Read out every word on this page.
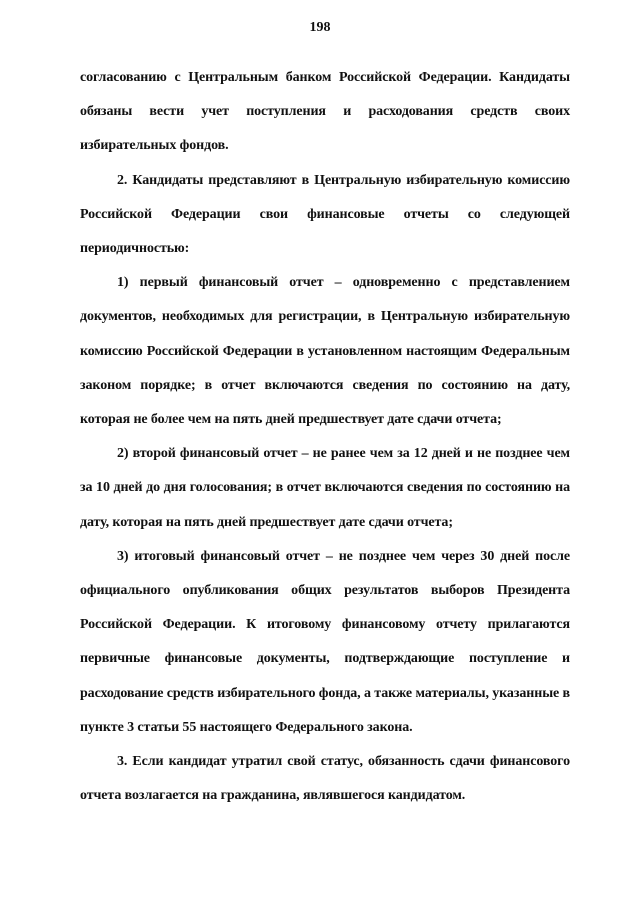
198

согласованию с Центральным банком Российской Федерации. Кандидаты обязаны вести учет поступления и расходования средств своих избирательных фондов.

2. Кандидаты представляют в Центральную избирательную комиссию Российской Федерации свои финансовые отчеты со следующей периодичностью:

1) первый финансовый отчет – одновременно с представлением документов, необходимых для регистрации, в Центральную избирательную комиссию Российской Федерации в установленном настоящим Федеральным законом порядке; в отчет включаются сведения по состоянию на дату, которая не более чем на пять дней предшествует дате сдачи отчета;

2) второй финансовый отчет – не ранее чем за 12 дней и не позднее чем за 10 дней до дня голосования; в отчет включаются сведения по состоянию на дату, которая на пять дней предшествует дате сдачи отчета;

3) итоговый финансовый отчет – не позднее чем через 30 дней после официального опубликования общих результатов выборов Президента Российской Федерации. К итоговому финансовому отчету прилагаются первичные финансовые документы, подтверждающие поступление и расходование средств избирательного фонда, а также материалы, указанные в пункте 3 статьи 55 настоящего Федерального закона.

3. Если кандидат утратил свой статус, обязанность сдачи финансового отчета возлагается на гражданина, являвшегося кандидатом.
